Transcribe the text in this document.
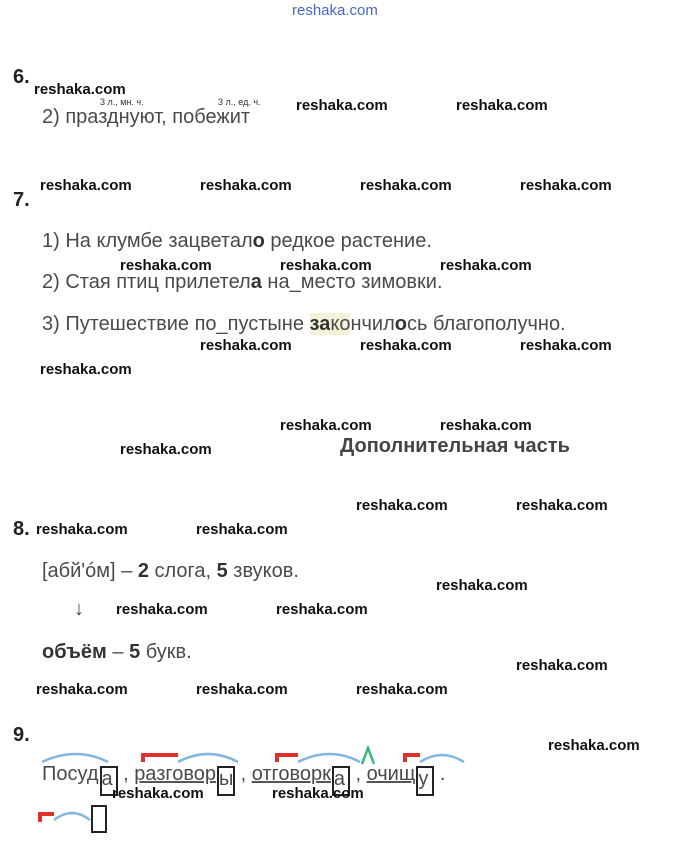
reshaka.com
6.
3 л., мн. ч.	3 л., ед. ч.
2) празднуют, побежит
7.
1) На клумбе зацветало редкое растение.
2) Стая птиц прилетела на_место зимовки.
3) Путешествие по_пустыне закончилось благополучно.
Дополнительная часть
8.
[абй'óм] – 2 слога, 5 звуков.
↓
объём – 5 букв.
9.
Посуд а , разговор ы , отговорк а , очищ у .
reshaka.com
reshaka.com	reshaka.com
reshaka.com	reshaka.com	reshaka.com	reshaka.com
reshaka.com	reshaka.com	reshaka.com
reshaka.com	reshaka.com	reshaka.com
reshaka.com
reshaka.com	reshaka.com
reshaka.com
reshaka.com	reshaka.com
reshaka.com	reshaka.com
reshaka.com
reshaka.com	reshaka.com
reshaka.com
reshaka.com	reshaka.com	reshaka.com
reshaka.com
reshaka.com	reshaka.com
